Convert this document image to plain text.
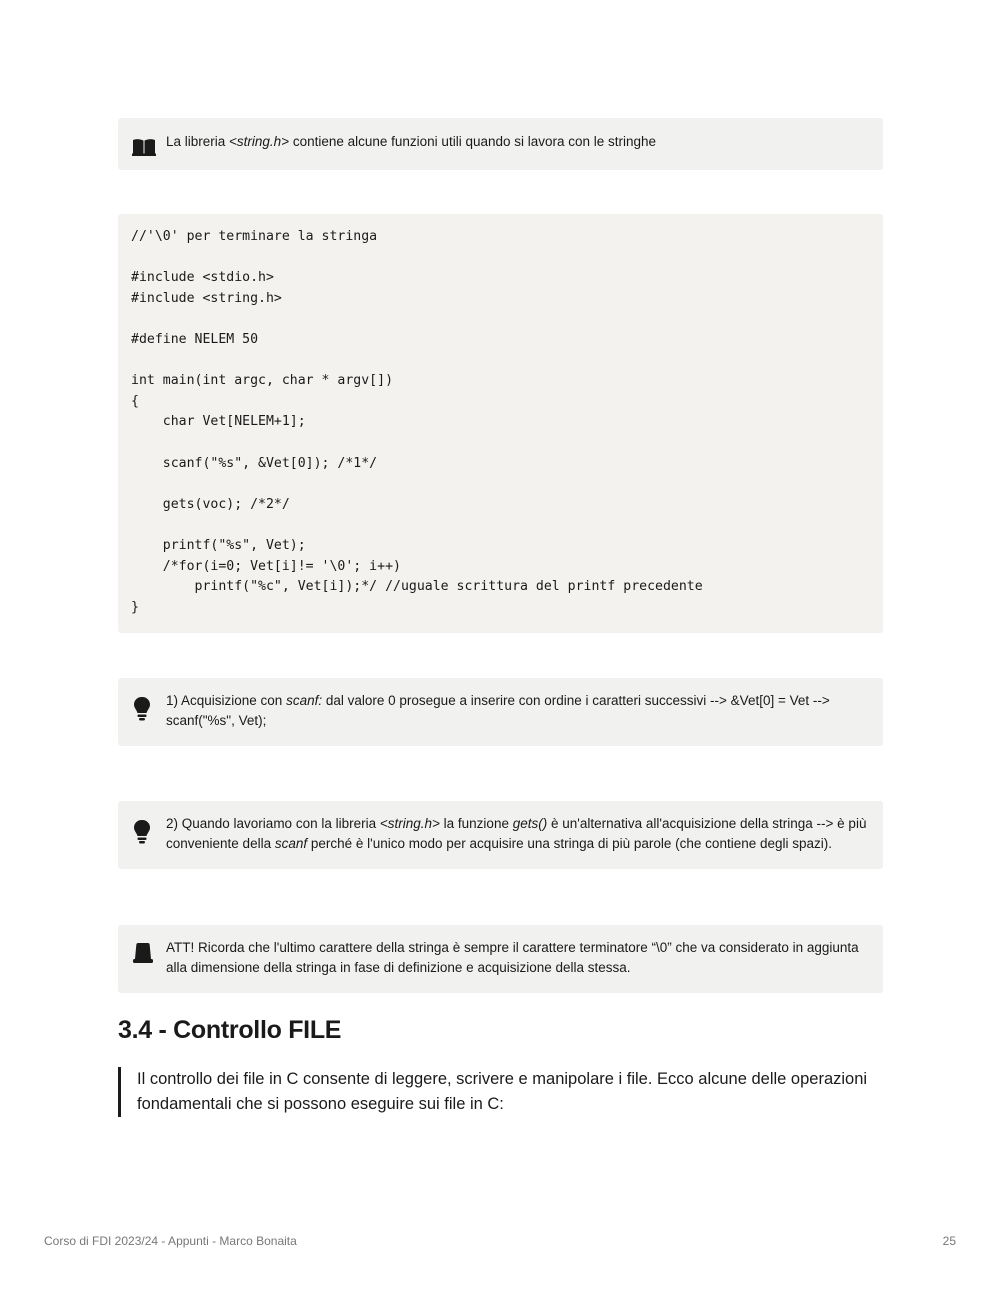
La libreria <string.h> contiene alcune funzioni utili quando si lavora con le stringhe
//'\0' per terminare la stringa
#include <stdio.h>
#include <string.h>
#define NELEM 50
int main(int argc, char * argv[])
{
char Vet[NELEM+1];
scanf("%s", &Vet[0]); /*1*/
gets(voc); /*2*/
printf("%s", Vet);
/*for(i=0; Vet[i]!= '\0'; i++)
printf("%c", Vet[i]);*/ //uguale scrittura del printf precedente
}
1) Acquisizione con scanf: dal valore 0 prosegue a inserire con ordine i caratteri successivi --> &Vet[0] = Vet --> scanf("%s", Vet);
2) Quando lavoriamo con la libreria <string.h> la funzione gets() è un'alternativa all'acquisizione della stringa --> è più conveniente della scanf perché è l'unico modo per acquisire una stringa di più parole (che contiene degli spazi).
ATT! Ricorda che l'ultimo carattere della stringa è sempre il carattere terminatore “\0” che va considerato in aggiunta alla dimensione della stringa in fase di definizione e acquisizione della stessa.
3.4 - Controllo FILE
Il controllo dei file in C consente di leggere, scrivere e manipolare i file. Ecco alcune delle operazioni fondamentali che si possono eseguire sui file in C:
Corso di FDI 2023/24 - Appunti - Marco Bonaita	25
